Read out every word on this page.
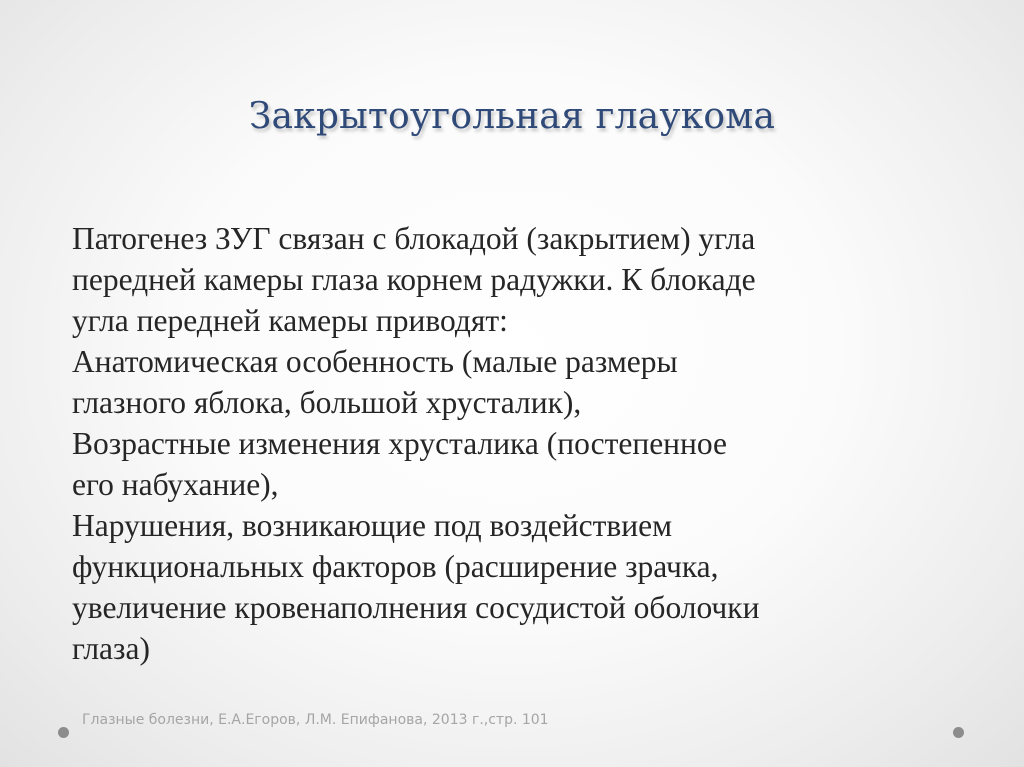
Закрытоугольная глаукома
Патогенез ЗУГ связан с блокадой (закрытием) угла
передней камеры глаза корнем радужки. К блокаде
угла передней камеры приводят:
Анатомическая особенность (малые размеры
глазного яблока, большой хрусталик),
Возрастные изменения хрусталика (постепенное
его набухание),
Нарушения, возникающие под воздействием
функциональных факторов (расширение зрачка,
увеличение кровенаполнения сосудистой оболочки
глаза)
Глазные болезни, Е.А.Егоров, Л.М. Епифанова, 2013 г.,стр. 101
